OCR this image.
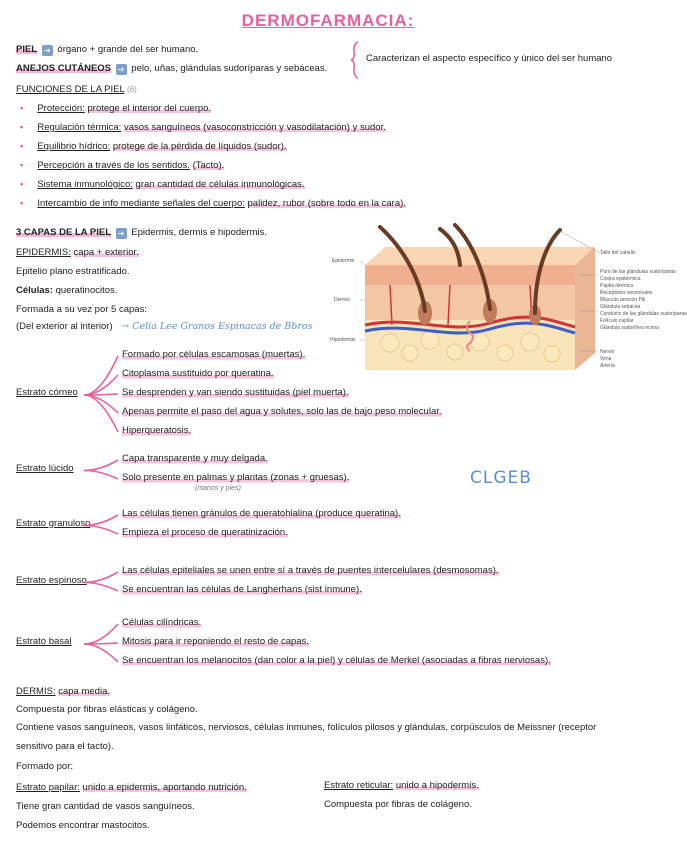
DERMOFARMACIA:
PIEL ➜ órgano + grande del ser humano.
ANEJOS CUTÁNEOS ➜ pelo, uñas, glándulas sudoríparas y sebáceas.
Caracterizan el aspecto específico y único del ser humano
FUNCIONES DE LA PIEL (6)
• Protección: protege el interior del cuerpo.
• Regulación térmica: vasos sanguíneos (vasoconstricción y vasodilatación) y sudor.
• Equilibrio hídrico: protege de la pérdida de líquidos (sudor).
• Percepción a través de los sentidos. (Tacto).
• Sistema inmunológico: gran cantidad de células inmunológicas.
• Intercambio de info mediante señales del cuerpo: palidez, rubor (sobre todo en la cara).
3 CAPAS DE LA PIEL ➜ Epidermis, dermis e hipodermis.
EPIDERMIS: capa + exterior.
Epitelio plano estratificado.
Células: queratinocitos.
Formada a su vez por 5 capas:
(Del exterior al interior) → Celia Lee Granos Espinacas de Bbros
Epidermis
Dermis
Hipodermis
Tallo del cabello
Poro de las glándulas sudoríparas
Costra epidérmica
Papila dérmica
Receptores sensoriales
Músculo arrector Pili
Glándula sebácea
Conducto de las glándulas sudoríparas
Folículo capilar
Glándula sudorífera ecrina
Nervio
Vena
Arteria
Estrato córneo
Formado por células escamosas (muertas).
Citoplasma sustituido por queratina.
Se desprenden y van siendo sustituidas (piel muerta).
Apenas permite el paso del agua y solutes, solo las de bajo peso molecular.
Hiperqueratosis.
Estrato lúcido
Capa transparente y muy delgada.
Solo presente en palmas y plantas (zonas + gruesas).
(manos y pies)
Estrato granuloso
Las células tienen gránulos de queratohialina (produce queratina).
Empieza el proceso de queratinización.
Estrato espinoso
Las células epiteliales se unen entre sí a través de puentes intercelulares (desmosomas).
Se encuentran las células de Langherhans (sist inmune).
Estrato basal
Células cilíndricas.
Mitosis para ir reponiendo el resto de capas.
Se encuentran los melanocitos (dan color a la piel) y células de Merkel (asociadas a fibras nerviosas).
CLGEB
DERMIS: capa media.
Compuesta por fibras elásticas y colágeno.
Contiene vasos sanguíneos, vasos linfáticos, nerviosos, células inmunes, folículos pilosos y glándulas, corpúsculos de Meissner (receptor
sensitivo para el tacto).
Formado por:
Estrato papilar: unido a epidermis, aportando nutrición.
Tiene gran cantidad de vasos sanguíneos.
Podemos encontrar mastocitos.
Estrato reticular: unido a hipodermis.
Compuesta por fibras de colágeno.
